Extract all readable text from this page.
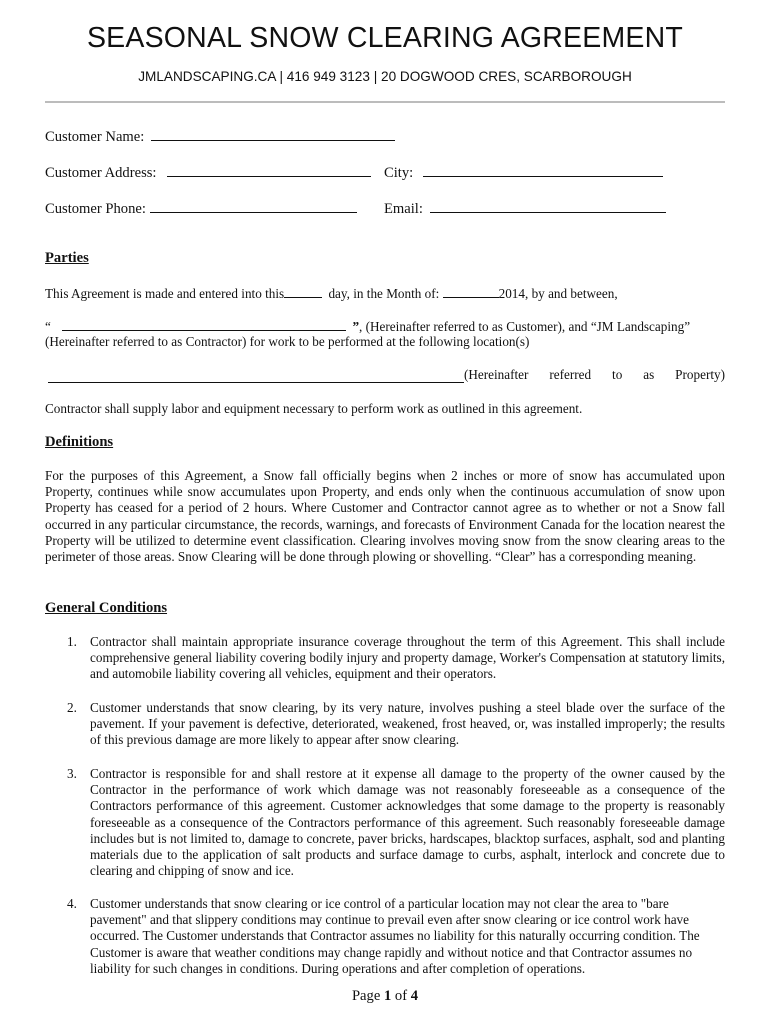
SEASONAL SNOW CLEARING AGREEMENT
JMLANDSCAPING.CA | 416 949 3123 | 20 DOGWOOD CRES, SCARBOROUGH
Customer Name:
Customer Address:	City:
Customer Phone:	Email:
Parties
This Agreement is made and entered into this	day, in the Month of:	2014, by and between,
“	”, (Hereinafter referred to as Customer), and “JM Landscaping”
(Hereinafter referred to as Contractor) for work to be performed at the following location(s)
(Hereinafter referred to as Property)
Contractor shall supply labor and equipment necessary to perform work as outlined in this agreement.
Definitions
For the purposes of this Agreement, a Snow fall officially begins when 2 inches or more of snow has accumulated upon Property, continues while snow accumulates upon Property, and ends only when the continuous accumulation of snow upon Property has ceased for a period of 2 hours. Where Customer and Contractor cannot agree as to whether or not a Snow fall occurred in any particular circumstance, the records, warnings, and forecasts of Environment Canada for the location nearest the Property will be utilized to determine event classification. Clearing involves moving snow from the snow clearing areas to the perimeter of those areas. Snow Clearing will be done through plowing or shovelling. “Clear” has a corresponding meaning.
General Conditions
1. Contractor shall maintain appropriate insurance coverage throughout the term of this Agreement. This shall include comprehensive general liability covering bodily injury and property damage, Worker's Compensation at statutory limits, and automobile liability covering all vehicles, equipment and their operators.
2. Customer understands that snow clearing, by its very nature, involves pushing a steel blade over the surface of the pavement. If your pavement is defective, deteriorated, weakened, frost heaved, or, was installed improperly; the results of this previous damage are more likely to appear after snow clearing.
3. Contractor is responsible for and shall restore at it expense all damage to the property of the owner caused by the Contractor in the performance of work which damage was not reasonably foreseeable as a consequence of the Contractors performance of this agreement. Customer acknowledges that some damage to the property is reasonably foreseeable as a consequence of the Contractors performance of this agreement. Such reasonably foreseeable damage includes but is not limited to, damage to concrete, paver bricks, hardscapes, blacktop surfaces, asphalt, sod and planting materials due to the application of salt products and surface damage to curbs, asphalt, interlock and concrete due to clearing and chipping of snow and ice.
4. Customer understands that snow clearing or ice control of a particular location may not clear the area to "bare pavement" and that slippery conditions may continue to prevail even after snow clearing or ice control work have occurred. The Customer understands that Contractor assumes no liability for this naturally occurring condition. The Customer is aware that weather conditions may change rapidly and without notice and that Contractor assumes no liability for such changes in conditions. During operations and after completion of operations.
Page 1 of 4
